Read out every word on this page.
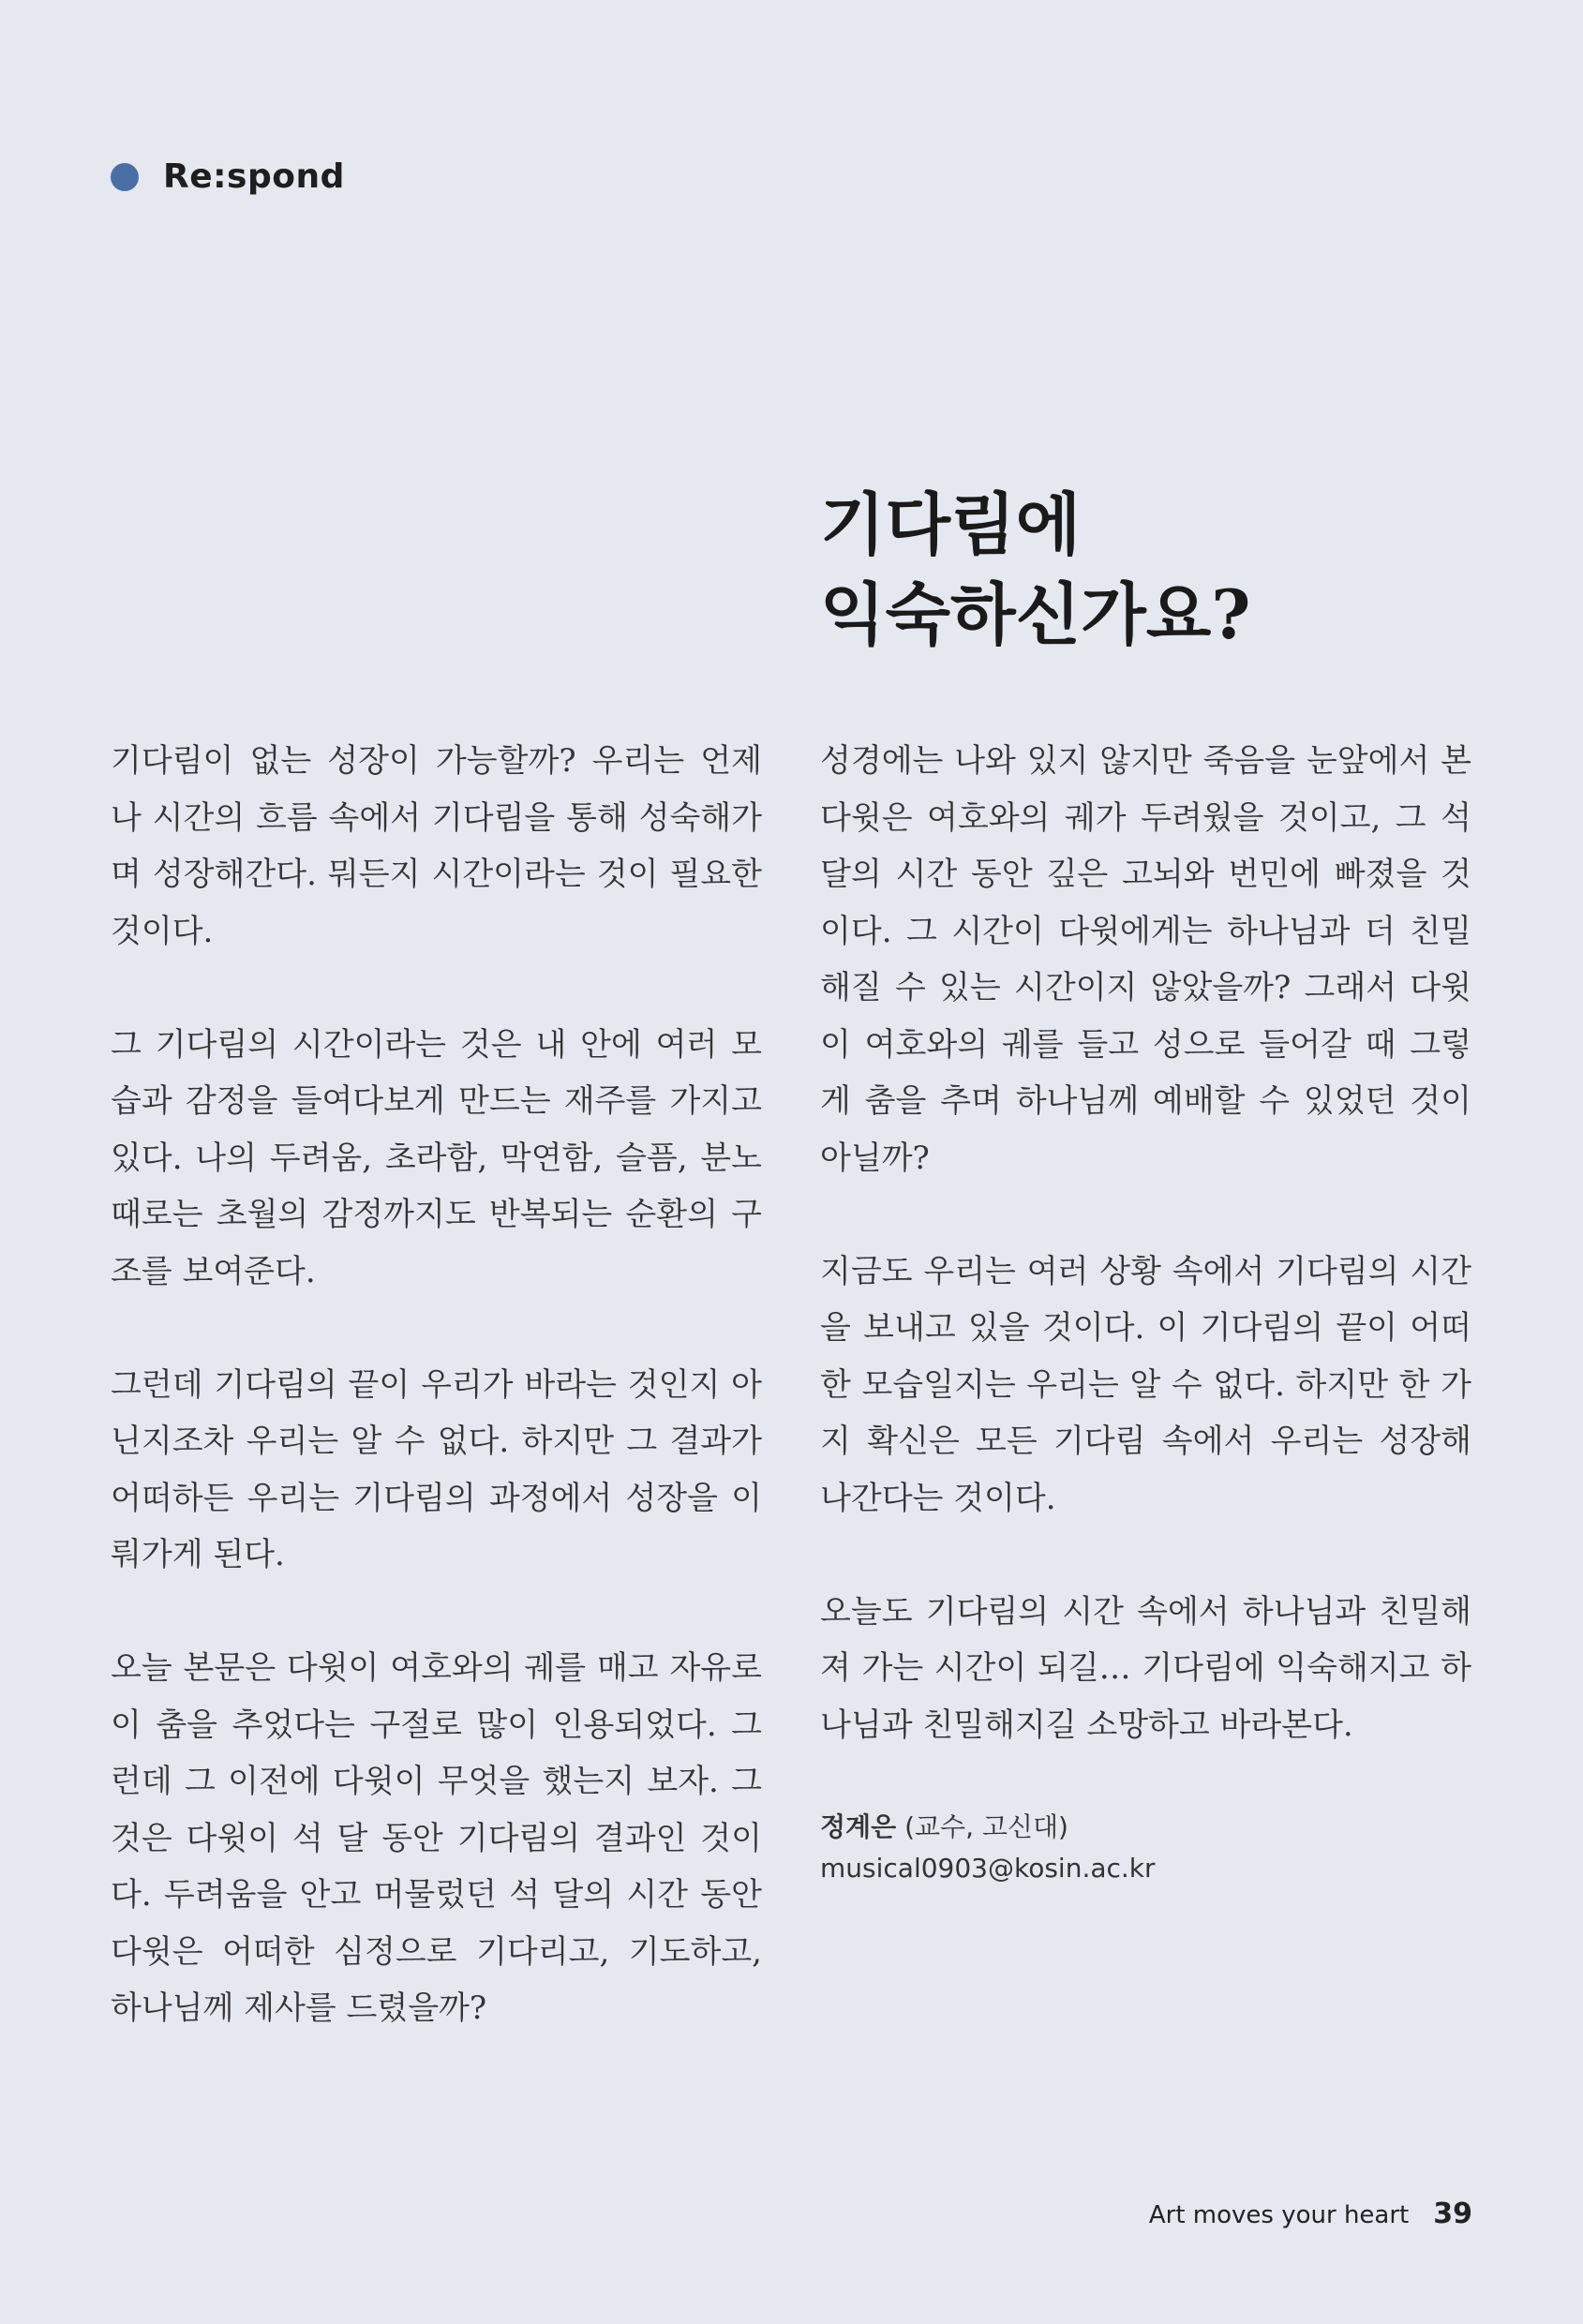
Re:spond
기다림에
익숙하신가요?

기다림이 없는 성장이 가능할까? 우리는 언제나 시간의 흐름 속에서 기다림을 통해 성숙해가며 성장해간다. 뭐든지 시간이라는 것이 필요한 것이다.

그 기다림의 시간이라는 것은 내 안에 여러 모습과 감정을 들여다보게 만드는 재주를 가지고 있다. 나의 두려움, 초라함, 막연함, 슬픔, 분노 때로는 초월의 감정까지도 반복되는 순환의 구조를 보여준다.

그런데 기다림의 끝이 우리가 바라는 것인지 아닌지조차 우리는 알 수 없다. 하지만 그 결과가 어떠하든 우리는 기다림의 과정에서 성장을 이뤄가게 된다.

오늘 본문은 다윗이 여호와의 궤를 매고 자유로이 춤을 추었다는 구절로 많이 인용되었다. 그런데 그 이전에 다윗이 무엇을 했는지 보자. 그것은 다윗이 석 달 동안 기다림의 결과인 것이다. 두려움을 안고 머물렀던 석 달의 시간 동안 다윗은 어떠한 심정으로 기다리고, 기도하고, 하나님께 제사를 드렸을까?

성경에는 나와 있지 않지만 죽음을 눈앞에서 본 다윗은 여호와의 궤가 두려웠을 것이고, 그 석 달의 시간 동안 깊은 고뇌와 번민에 빠졌을 것이다. 그 시간이 다윗에게는 하나님과 더 친밀해질 수 있는 시간이지 않았을까? 그래서 다윗이 여호와의 궤를 들고 성으로 들어갈 때 그렇게 춤을 추며 하나님께 예배할 수 있었던 것이 아닐까?

지금도 우리는 여러 상황 속에서 기다림의 시간을 보내고 있을 것이다. 이 기다림의 끝이 어떠한 모습일지는 우리는 알 수 없다. 하지만 한 가지 확신은 모든 기다림 속에서 우리는 성장해 나간다는 것이다.

오늘도 기다림의 시간 속에서 하나님과 친밀해져 가는 시간이 되길… 기다림에 익숙해지고 하나님과 친밀해지길 소망하고 바라본다.

정계은 (교수, 고신대)
musical0903@kosin.ac.kr
Art moves your heart 39
